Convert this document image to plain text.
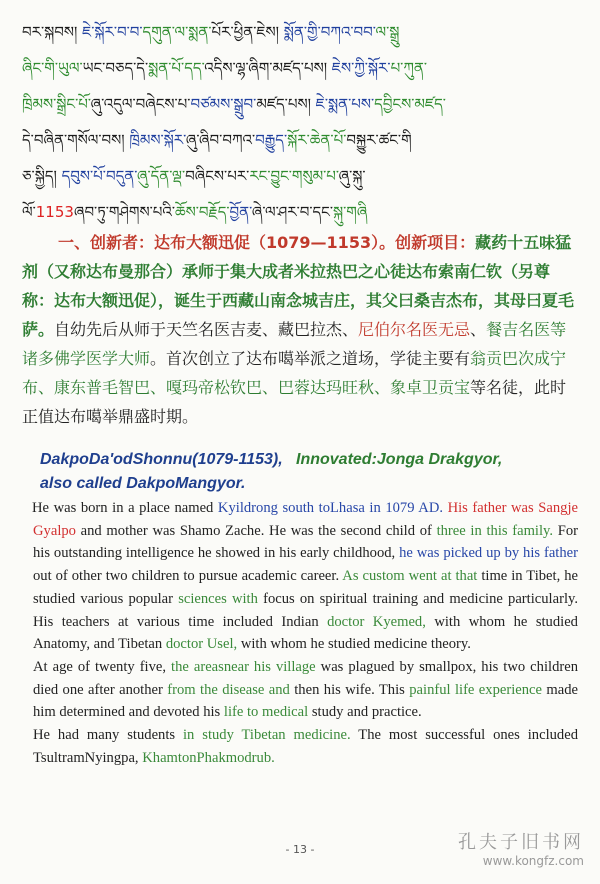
བར་སྐབས། ཇེ་སྐོར་བ་བ་དགུན་ལ་སྨན་པོར་ཕྱིན་ཇེས། སྨོན་གྱི་བཀའ་བབ་ལ་སྒྲུ
ཞིང་གི་ཡུལ་ཡང་བཅད་དེ་སྨན་པོ་དད་འདིས་ལྷ་ཞིག་མཛད་པས། ཇེས་ཀྱི་སྐོར་པ་ཀུན་
ཁྲིམས་སྒྲིང་པོ་ཞུ་འདུལ་བཞེངས་པ་བཙམས་སྒྲུབ་མཛད་པས། ཇེ་སྨན་པས་དབྱིངས་མཛད་
དེ་བཞིན་གསོལ་བས། ཁྲིམས་སྐོར་ཞུ་ཞིབ་བཀའ་བརྒྱུད་སྐོར་ཆེན་པོ་བསྐྱུར་ཚང་གི
ཅ་སྐྱིད། དབུས་པོ་བདུན་ཞུ་དོན་ལྡ་བཞིངས་པར་རང་བྱུང་གསུམ་པ་ཞུ་སྐུ་
ལོ་1153ཞབ་ཏུ་གཤེགས་པའི་ཆོས་བརྗོད་བྱོན་ཞེ་ལ་ཤར་བ་དང་སྐུ་གཞི
一、创新者：达布大额迅促（1079—1153）。创新项目：藏药十五味猛剂（又称达布曼那合）承师于集大成者米拉热巴之心徒达布索南仁钦（另尊称：达布大额迅促），诞生于西藏山南念城吉庄，其父曰桑吉杰布，其母曰夏毛萨。自幼先后从师于天竺名医吉麦、藏巴拉杰、尼伯尔名医无忌、餐吉名医等诸多佛学医学大师。首次创立了达布噶举派之道场，学徒主要有翁贡巴次成宁布、康东普毛智巴、嘎玛帝松钦巴、巴蓉达玛旺秋、象卓卫贡宝等名徒，此时正值达布噶举鼎盛时期。
DakpoDa'odShonnu(1079-1153), Innovated:Jonga Drakgyor,
also called DakpoMangyor.

He was born in a place named Kyildrong south toLhasa in 1079 AD. His father was Sangje Gyalpo and mother was Shamo Zache. He was the second child of three in this family. For his outstanding intelligence he showed in his early childhood, he was picked up by his father out of other two children to pursue academic career. As custom went at that time in Tibet, he studied various popular sciences with focus on spiritual training and medicine particularly. His teachers at various time included Indian doctor Kyemed, with whom he studied Anatomy, and Tibetan doctor Usel, with whom he studied medicine theory.

At age of twenty five, the areasnear his village was plagued by smallpox, his two children died one after another from the disease and then his wife. This painful life experience made him determined and devoted his life to medical study and practice.

He had many students in study Tibetan medicine. The most successful ones included TsultramNyingpa, KhamtonPhakmodrub.

- 13 -	孔夫子旧书网
www.kongfz.com
